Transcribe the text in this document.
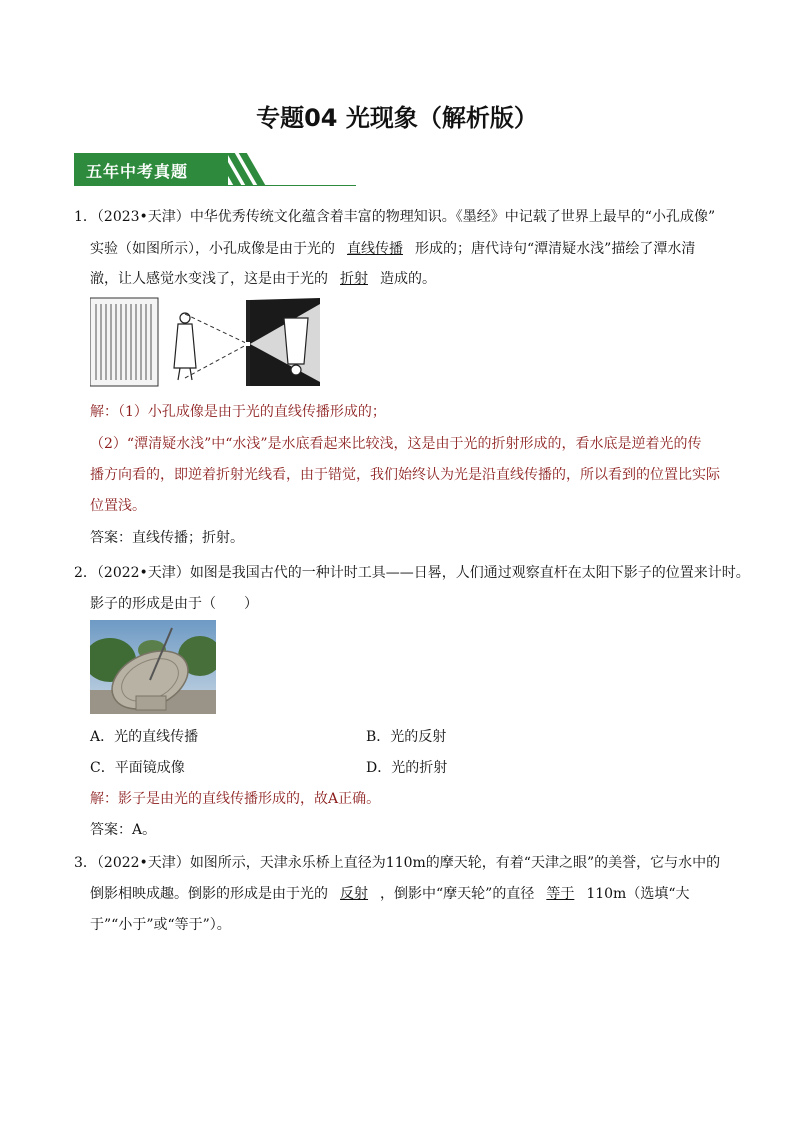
专题04 光现象（解析版）
五年中考真题
1．（2023•天津）中华优秀传统文化蕴含着丰富的物理知识。《墨经》中记载了世界上最早的“小孔成像”
实验（如图所示），小孔成像是由于光的 直线传播 形成的；唐代诗句“潭清疑水浅”描绘了潭水清
澈，让人感觉水变浅了，这是由于光的 折射 造成的。
解：（1）小孔成像是由于光的直线传播形成的；
（2）“潭清疑水浅”中“水浅”是水底看起来比较浅，这是由于光的折射形成的，看水底是逆着光的传
播方向看的，即逆着折射光线看，由于错觉，我们始终认为光是沿直线传播的，所以看到的位置比实际
位置浅。
答案：直线传播；折射。
2．（2022•天津）如图是我国古代的一种计时工具——日晷，人们通过观察直杆在太阳下影子的位置来计时。
影子的形成是由于（　　）
A．光的直线传播	B．光的反射
C．平面镜成像	D．光的折射
解：影子是由光的直线传播形成的，故A正确。
答案：A。
3．（2022•天津）如图所示，天津永乐桥上直径为110m的摩天轮，有着“天津之眼”的美誉，它与水中的
倒影相映成趣。倒影的形成是由于光的 反射 ，倒影中“摩天轮”的直径 等于 110m（选填“大
于”“小于”或“等于”）。
